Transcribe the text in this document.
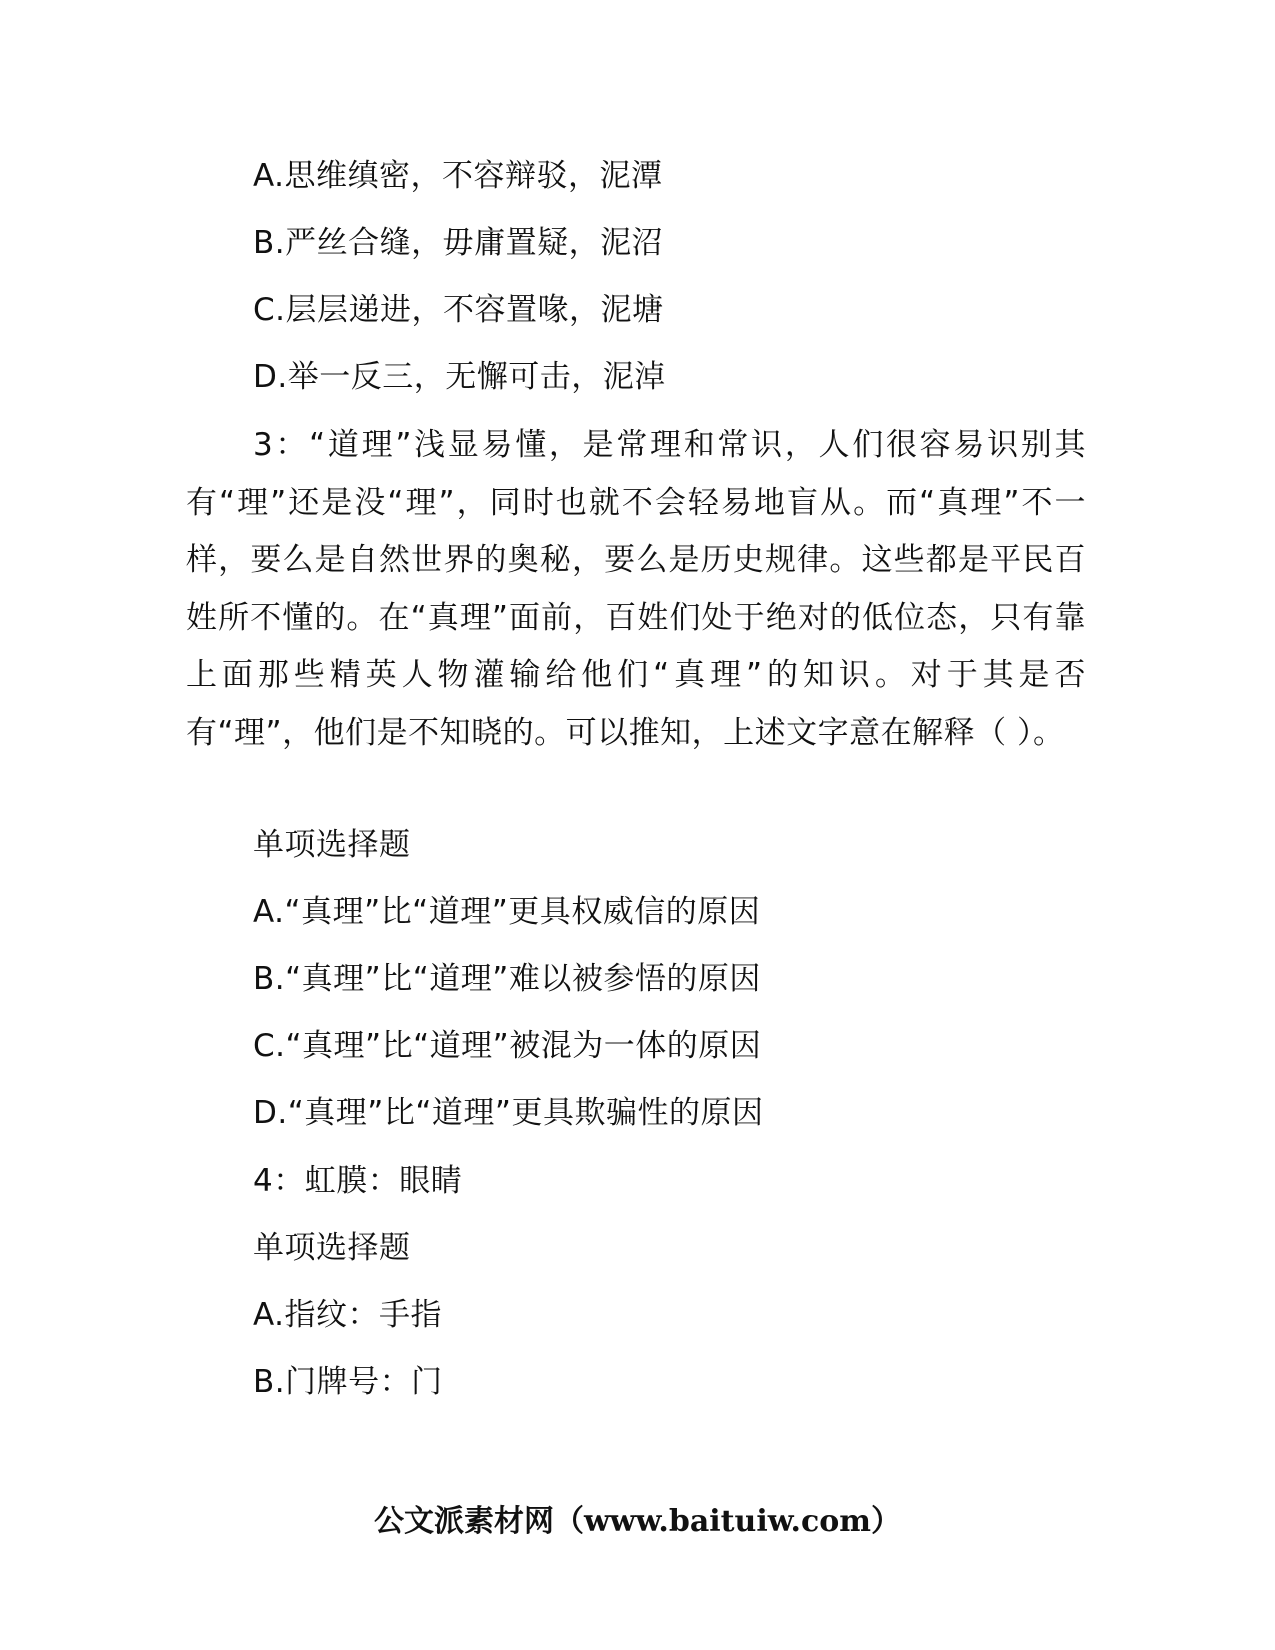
A.思维缜密，不容辩驳，泥潭
B.严丝合缝，毋庸置疑，泥沼
C.层层递进，不容置喙，泥塘
D.举一反三，无懈可击，泥淖
3：“道理”浅显易懂，是常理和常识，人们很容易识别其有“理”还是没“理”，同时也就不会轻易地盲从。而“真理”不一样，要么是自然世界的奥秘，要么是历史规律。这些都是平民百姓所不懂的。在“真理”面前，百姓们处于绝对的低位态，只有靠上面那些精英人物灌输给他们“真理”的知识。对于其是否有“理”，他们是不知晓的。可以推知，上述文字意在解释（ ）。
单项选择题
A.“真理”比“道理”更具权威信的原因
B.“真理”比“道理”难以被参悟的原因
C.“真理”比“道理”被混为一体的原因
D.“真理”比“道理”更具欺骗性的原因
4：虹膜：眼睛
单项选择题
A.指纹：手指
B.门牌号：门
公文派素材网（www.baituiw.com）
